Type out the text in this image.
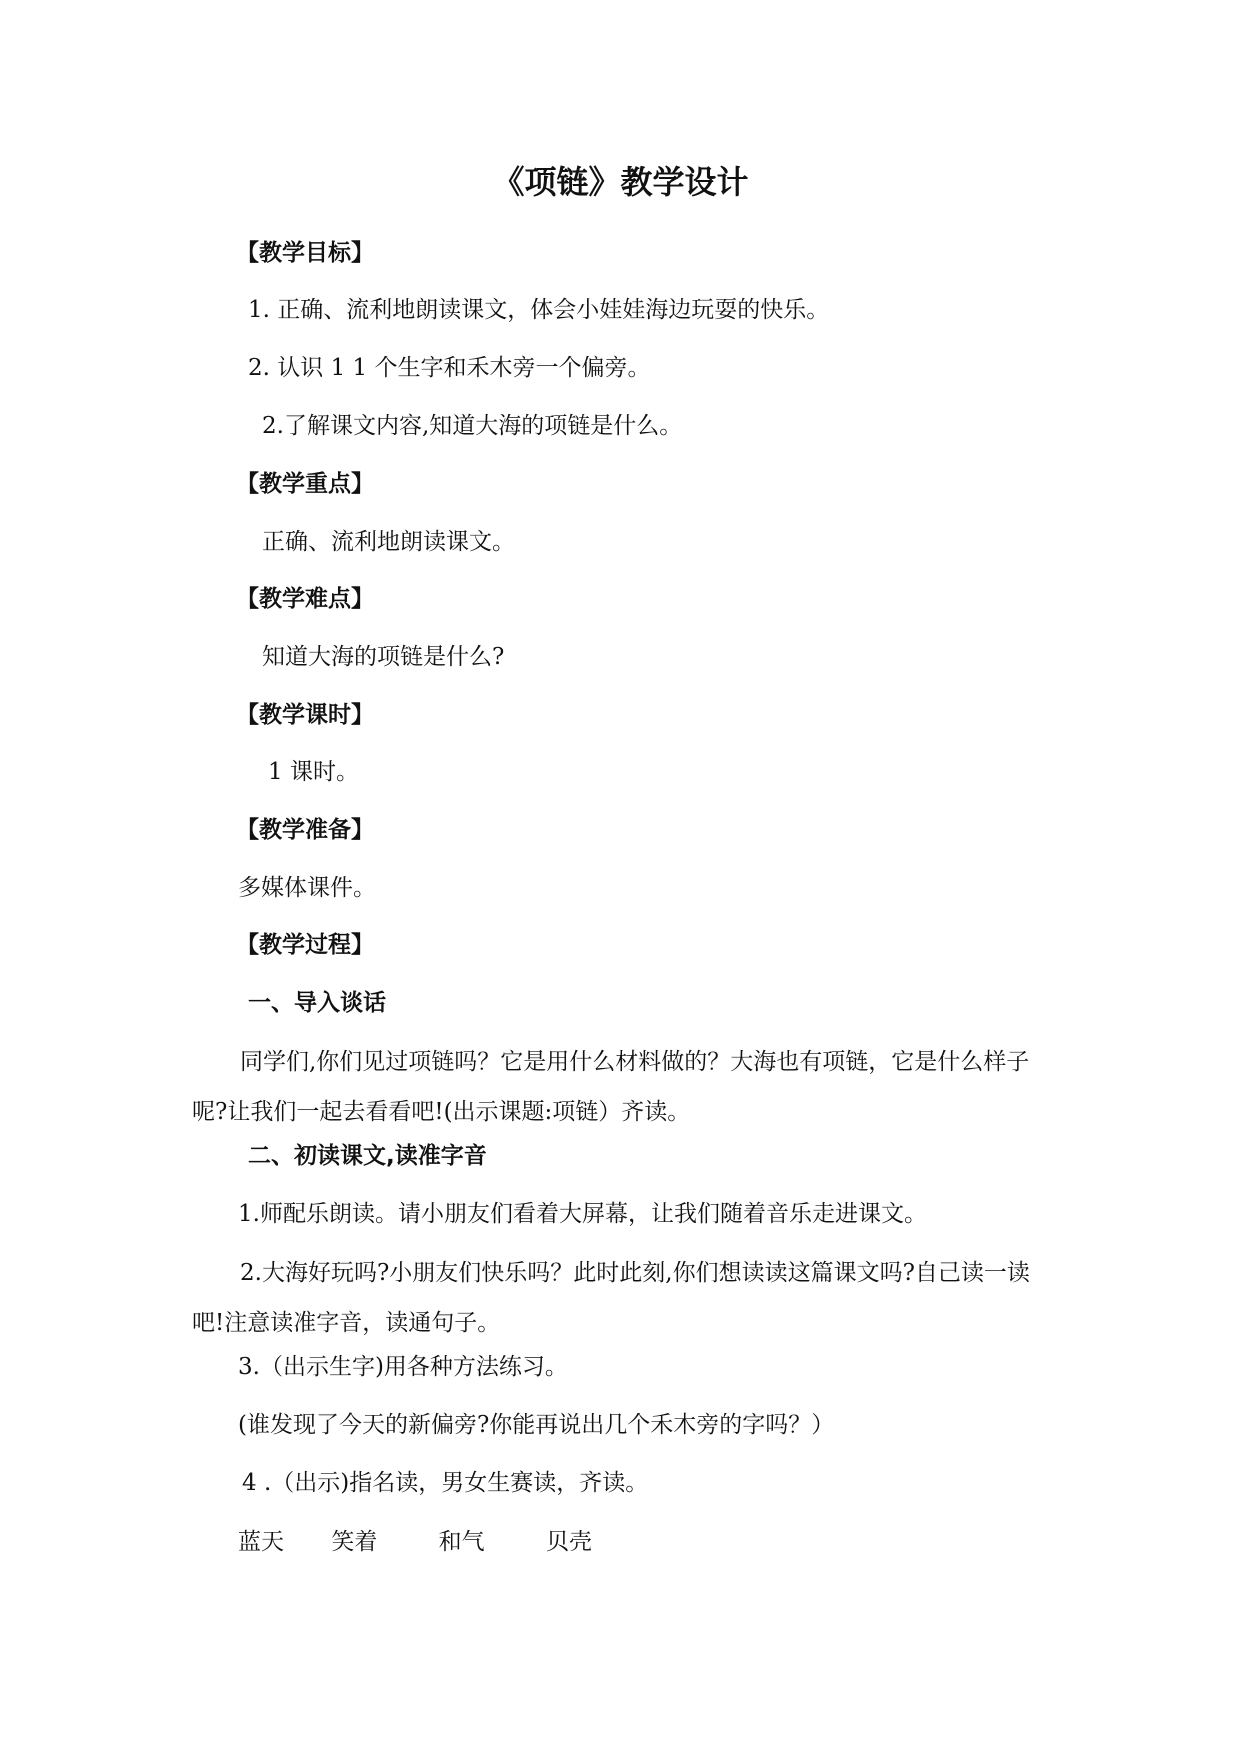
《项链》教学设计
【教学目标】
1. 正确、流利地朗读课文，体会小娃娃海边玩耍的快乐。
2. 认识 1 1 个生字和禾木旁一个偏旁。
2.了解课文内容,知道大海的项链是什么。
【教学重点】
正确、流利地朗读课文。
【教学难点】
知道大海的项链是什么?
【教学课时】
1 课时。
【教学准备】
多媒体课件。
【教学过程】
一、导入谈话
同学们,你们见过项链吗？它是用什么材料做的？大海也有项链，它是什么样子呢?让我们一起去看看吧!(出示课题:项链）齐读。
二、初读课文,读准字音
1.师配乐朗读。请小朋友们看着大屏幕，让我们随着音乐走进课文。
2.大海好玩吗?小朋友们快乐吗？此时此刻,你们想读读这篇课文吗?自己读一读吧!注意读准字音，读通句子。
3.（出示生字)用各种方法练习。
(谁发现了今天的新偏旁?你能再说出几个禾木旁的字吗？）
4 .（出示)指名读，男女生赛读，齐读。
蓝天 笑着	和气	贝壳
